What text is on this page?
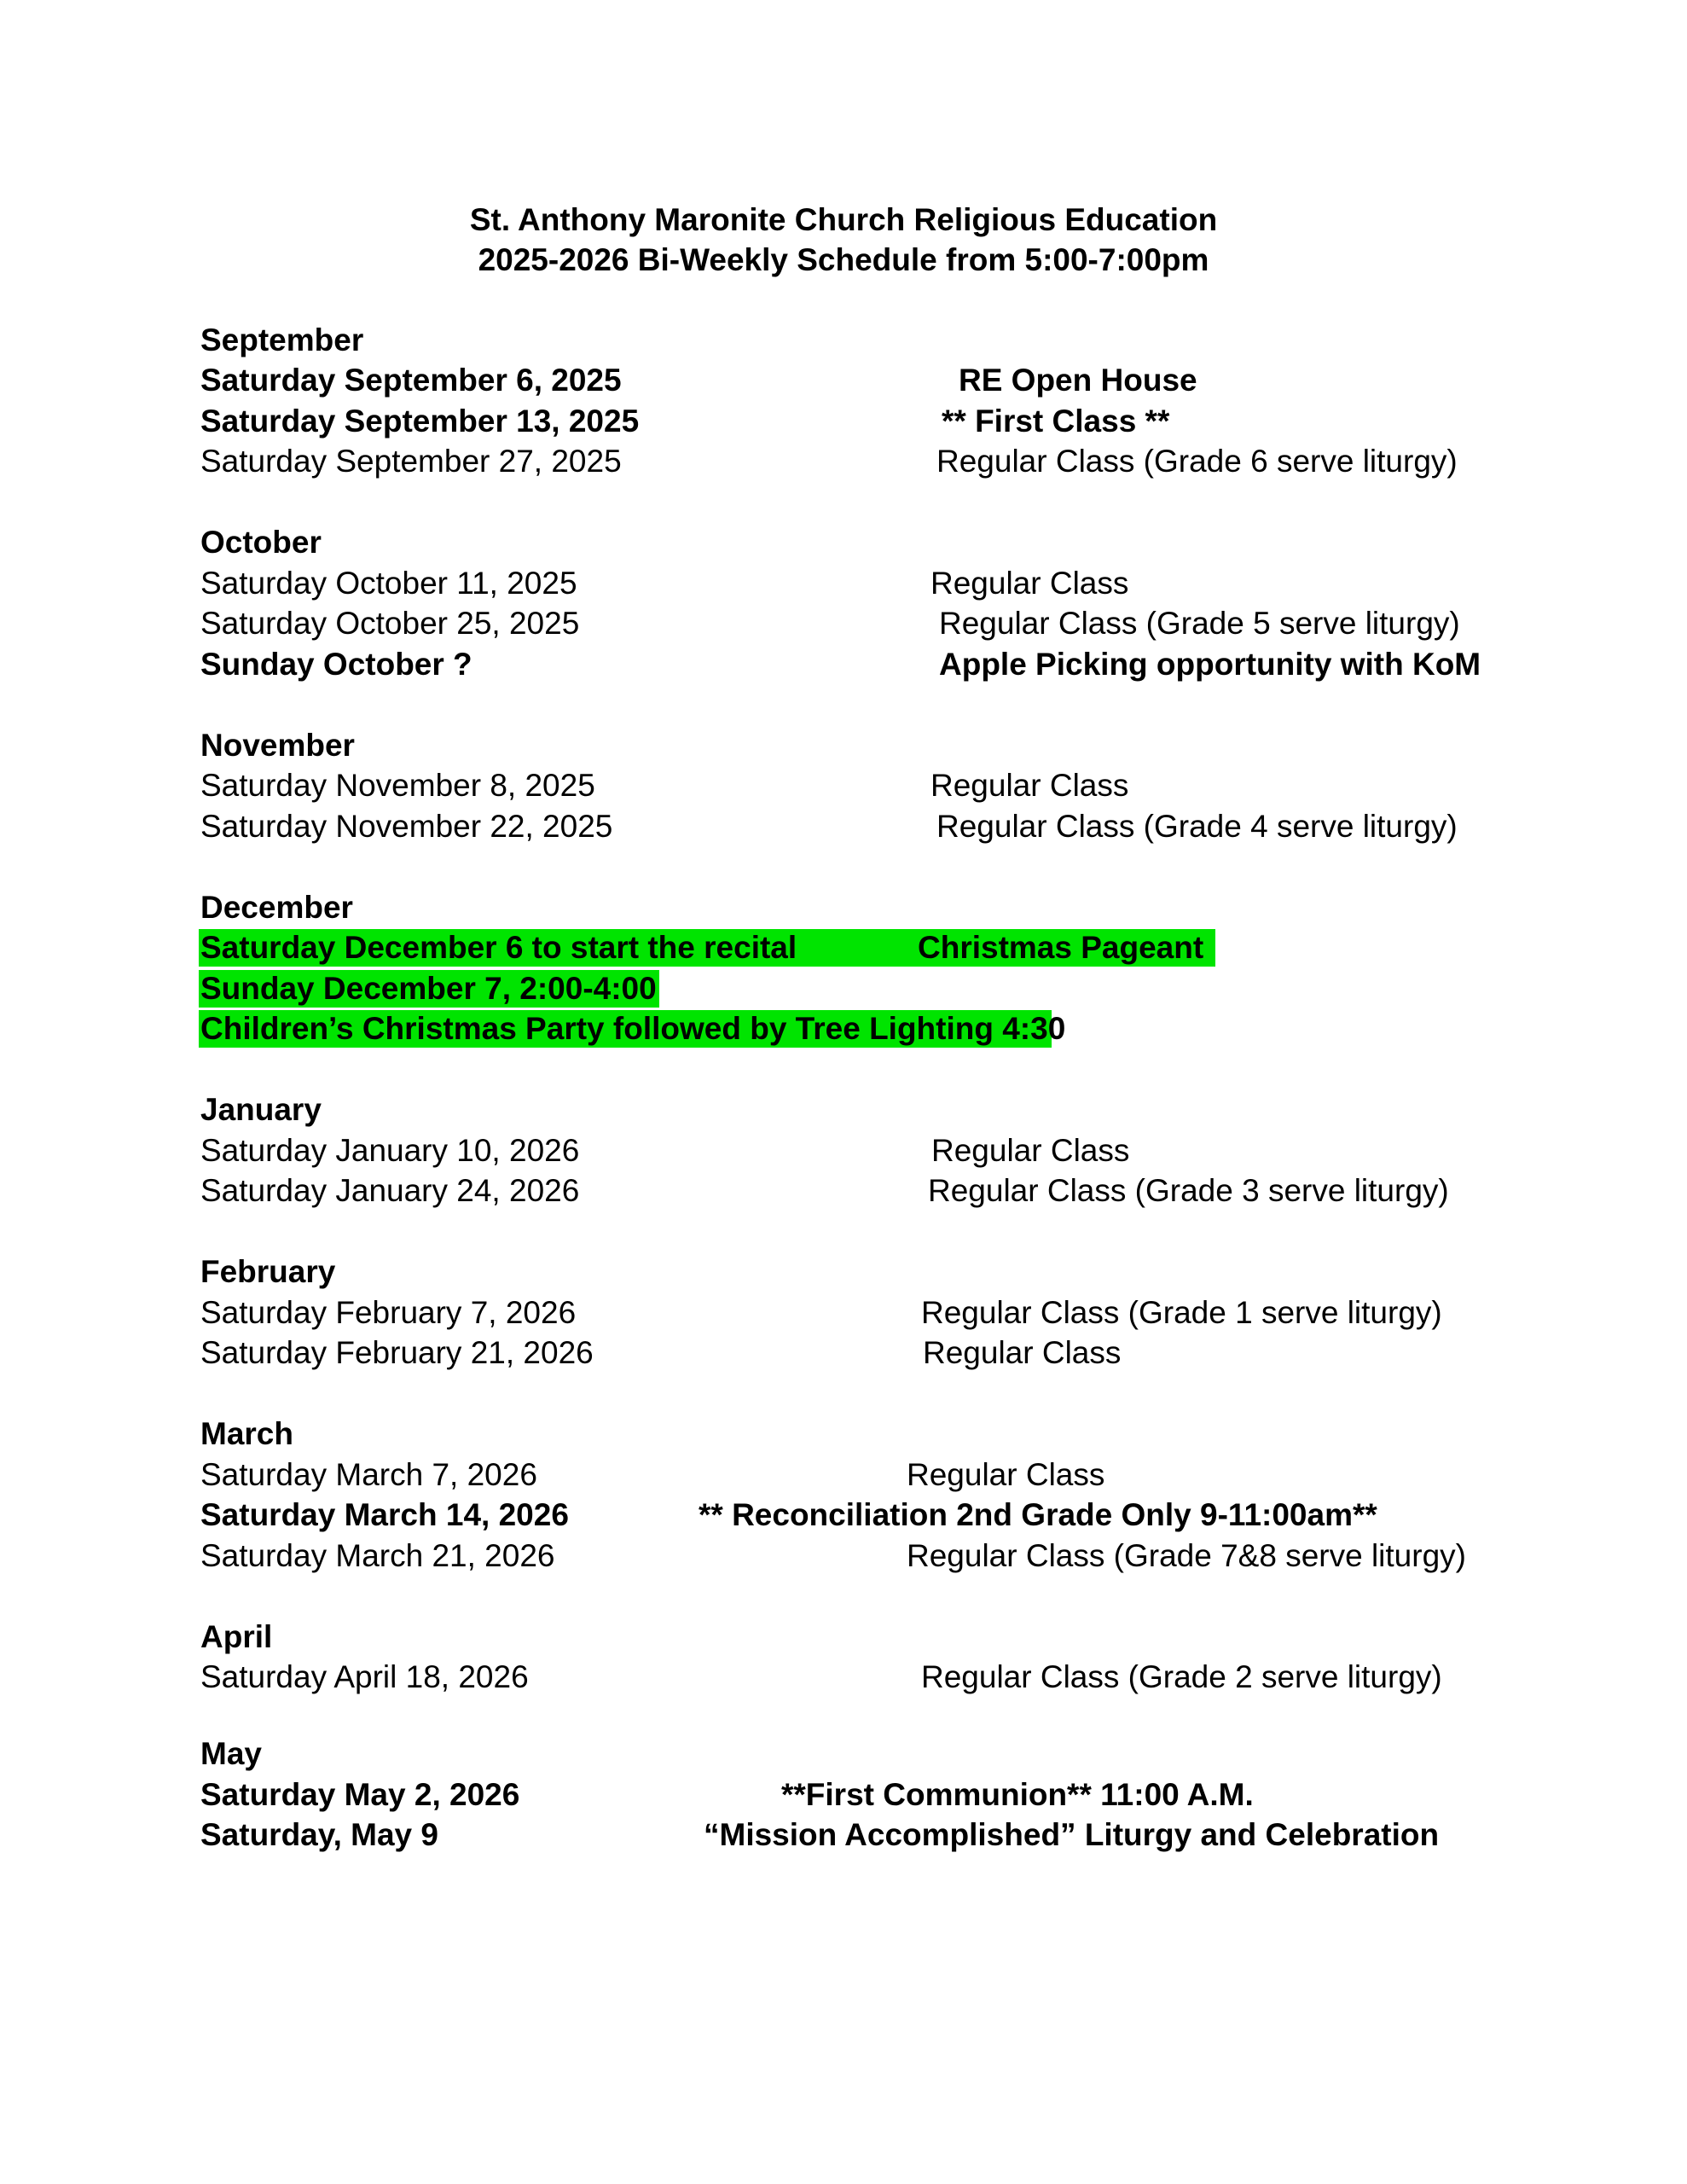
St. Anthony Maronite Church Religious Education
2025-2026 Bi-Weekly Schedule from 5:00-7:00pm
September
Saturday September 6, 2025	RE Open House
Saturday September 13, 2025	** First Class **
Saturday September 27, 2025	Regular Class (Grade 6 serve liturgy)
October
Saturday October 11, 2025	Regular Class
Saturday October 25, 2025	Regular Class (Grade 5 serve liturgy)
Sunday October ?	Apple Picking opportunity with KoM
November
Saturday November 8, 2025	Regular Class
Saturday November 22, 2025	Regular Class (Grade 4 serve liturgy)
December
Saturday December 6 to start the recital	Christmas Pageant
Sunday December 7, 2:00-4:00
Children’s Christmas Party followed by Tree Lighting 4:30
January
Saturday January 10, 2026	Regular Class
Saturday January 24, 2026	Regular Class (Grade 3 serve liturgy)
February
Saturday February 7, 2026	Regular Class (Grade 1 serve liturgy)
Saturday February 21, 2026	Regular Class
March
Saturday March 7, 2026	Regular Class
Saturday March 14, 2026	** Reconciliation 2nd Grade Only 9-11:00am**
Saturday March 21, 2026	Regular Class (Grade 7&8 serve liturgy)
April
Saturday April 18, 2026	Regular Class (Grade 2 serve liturgy)
May
Saturday May 2, 2026	**First Communion** 11:00 A.M.
Saturday, May 9	“Mission Accomplished” Liturgy and Celebration
